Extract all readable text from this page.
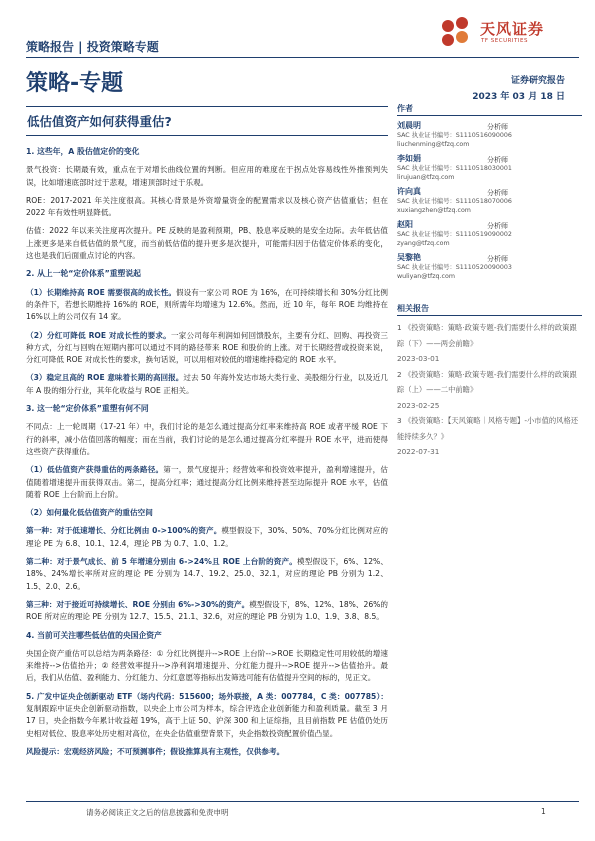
策略报告 | 投资策略专题
天风证券
TF SECURITIES
策略-专题	证券研究报告
2023 年 03 月 18 日
低估值资产如何获得重估?
1. 这些年，A 股估值定价的变化

景气投资：长期最有效，重点在于对增长曲线位置的判断。但应用的难度在于拐点处容易线性外推预判失误，比如增速底部时过于悲观，增速顶部时过于乐观。

ROE：2017-2021 年关注度很高。其核心背景是外资增量资金的配置需求以及核心资产估值重估；但在 2022 年有效性明显降低。

估值：2022 年以来关注度再次提升。PE 反映的是盈利预期，PB、股息率反映的是安全边际。去年低估值上涨更多是来自低估值的景气度，而当前低估值的提升更多是次提升，可能需归因于估值定价体系的变化，这也是我们后面重点讨论的内容。

2. 从上一轮“定价体系”重塑说起

（1）长期维持高 ROE 需要很高的成长性。假设有一家公司 ROE 为 16%，在可持续增长和 30%分红比例的条件下，若想长期维持 16%的 ROE，则所需年均增速为 12.6%。然而，近 10 年，每年 ROE 均维持在 16%以上的公司仅有 14 家。

（2）分红可降低 ROE 对成长性的要求。一家公司每年利润如何回馈股东，主要有分红、回购、再投资三种方式，分红与回购在短期内都可以通过不同的路径带来 ROE 和股价的上涨。对于长期经营或投资来说，分红可降低 ROE 对成长性的要求，换句话说，可以用相对较低的增速维持稳定的 ROE 水平。

（3）稳定且高的 ROE 意味着长期的高回报。过去 50 年海外发达市场大类行业、美股细分行业，以及近几年 A 股的细分行业，其年化收益与 ROE 正相关。

3. 这一轮“定价体系”重塑有何不同

不同点：上一轮周期（17-21 年）中，我们讨论的是怎么通过提高分红率来维持高 ROE 或者平缓 ROE 下行的斜率，减小估值回落的幅度；而在当前，我们讨论的是怎么通过提高分红率提升 ROE 水平，进而使得这些资产获得重估。

（1）低估值资产获得重估的两条路径。第一，景气度提升；经营效率和投资效率提升，盈利增速提升，估值随着增速提升而获得双击。第二，提高分红率；通过提高分红比例来维持甚至边际提升 ROE 水平，估值随着 ROE 上台阶而上台阶。

（2）如何量化低估值资产的重估空间

第一种：对于低速增长、分红比例由 0->100%的资产。模型假设下，30%、50%、70%分红比例对应的理论 PE 为 6.8、10.1、12.4，理论 PB 为 0.7、1.0、1.2。

第二种：对于景气成长、前 5 年增速分别由 6->24%且 ROE 上台阶的资产。模型假设下，6%、12%、18%、24%增长率所对应的理论 PE 分别为 14.7、19.2、25.0、32.1，对应的理论 PB 分别为 1.2、1.5、2.0、2.6。

第三种：对于接近可持续增长、ROE 分别由 6%->30%的资产。模型假设下，8%、12%、18%、26%的 ROE 所对应的理论 PE 分别为 12.7、15.5、21.1、32.6，对应的理论 PB 分别为 1.0、1.9、3.8、8.5。

4. 当前可关注哪些低估值的央国企资产

央国企资产重估可以总结为两条路径：① 分红比例提升-->ROE 上台阶-->ROE 长期稳定性可用较低的增速来维持-->估值抬升；② 经营效率提升-->净利润增速提升、分红能力提升-->ROE 提升-->估值抬升。最后，我们从估值、盈利能力、分红能力、分红意愿等指标出发筛选可能有估值提升空间的标的，见正文。

5. 广发中证央企创新驱动 ETF（场内代码：515600；场外联接，A 类：007784，C 类：007785）：复制跟踪中证央企创新驱动指数，以央企上市公司为样本，综合评选企业创新能力和盈利质量。截至 3 月 17 日，央企指数今年累计收益超 19%，高于上证 50、沪深 300 和上证综指，且目前指数 PE 估值仍处历史相对低位、股息率处历史相对高位，在央企估值重塑背景下，央企指数投资配置价值凸显。

风险提示：宏观经济风险；不可预测事件；假设推算具有主观性，仅供参考。

作者
刘晨明	分析师
SAC 执业证书编号：S1110516090006
liuchenming@tfzq.com
李如娟	分析师
SAC 执业证书编号：S1110518030001
lirujuan@tfzq.com
许向真	分析师
SAC 执业证书编号：S1110518070006
xuxiangzhen@tfzq.com
赵阳	分析师
SAC 执业证书编号：S1110519090002
zyang@tfzq.com
吴黎艳	分析师
SAC 执业证书编号：S1110520090003
wuliyan@tfzq.com
相关报告
1 《投资策略：策略·政策专题-我们需要什么样的政策跟踪（下）——两会前瞻》
2023-03-01
2 《投资策略：策略·政策专题-我们需要什么样的政策跟踪（上）——二中前瞻》
2023-02-25
3 《投资策略：【天风策略｜风格专题】-小市值的风格还能持续多久？》
2022-07-31
请务必阅读正文之后的信息披露和免责申明	1
